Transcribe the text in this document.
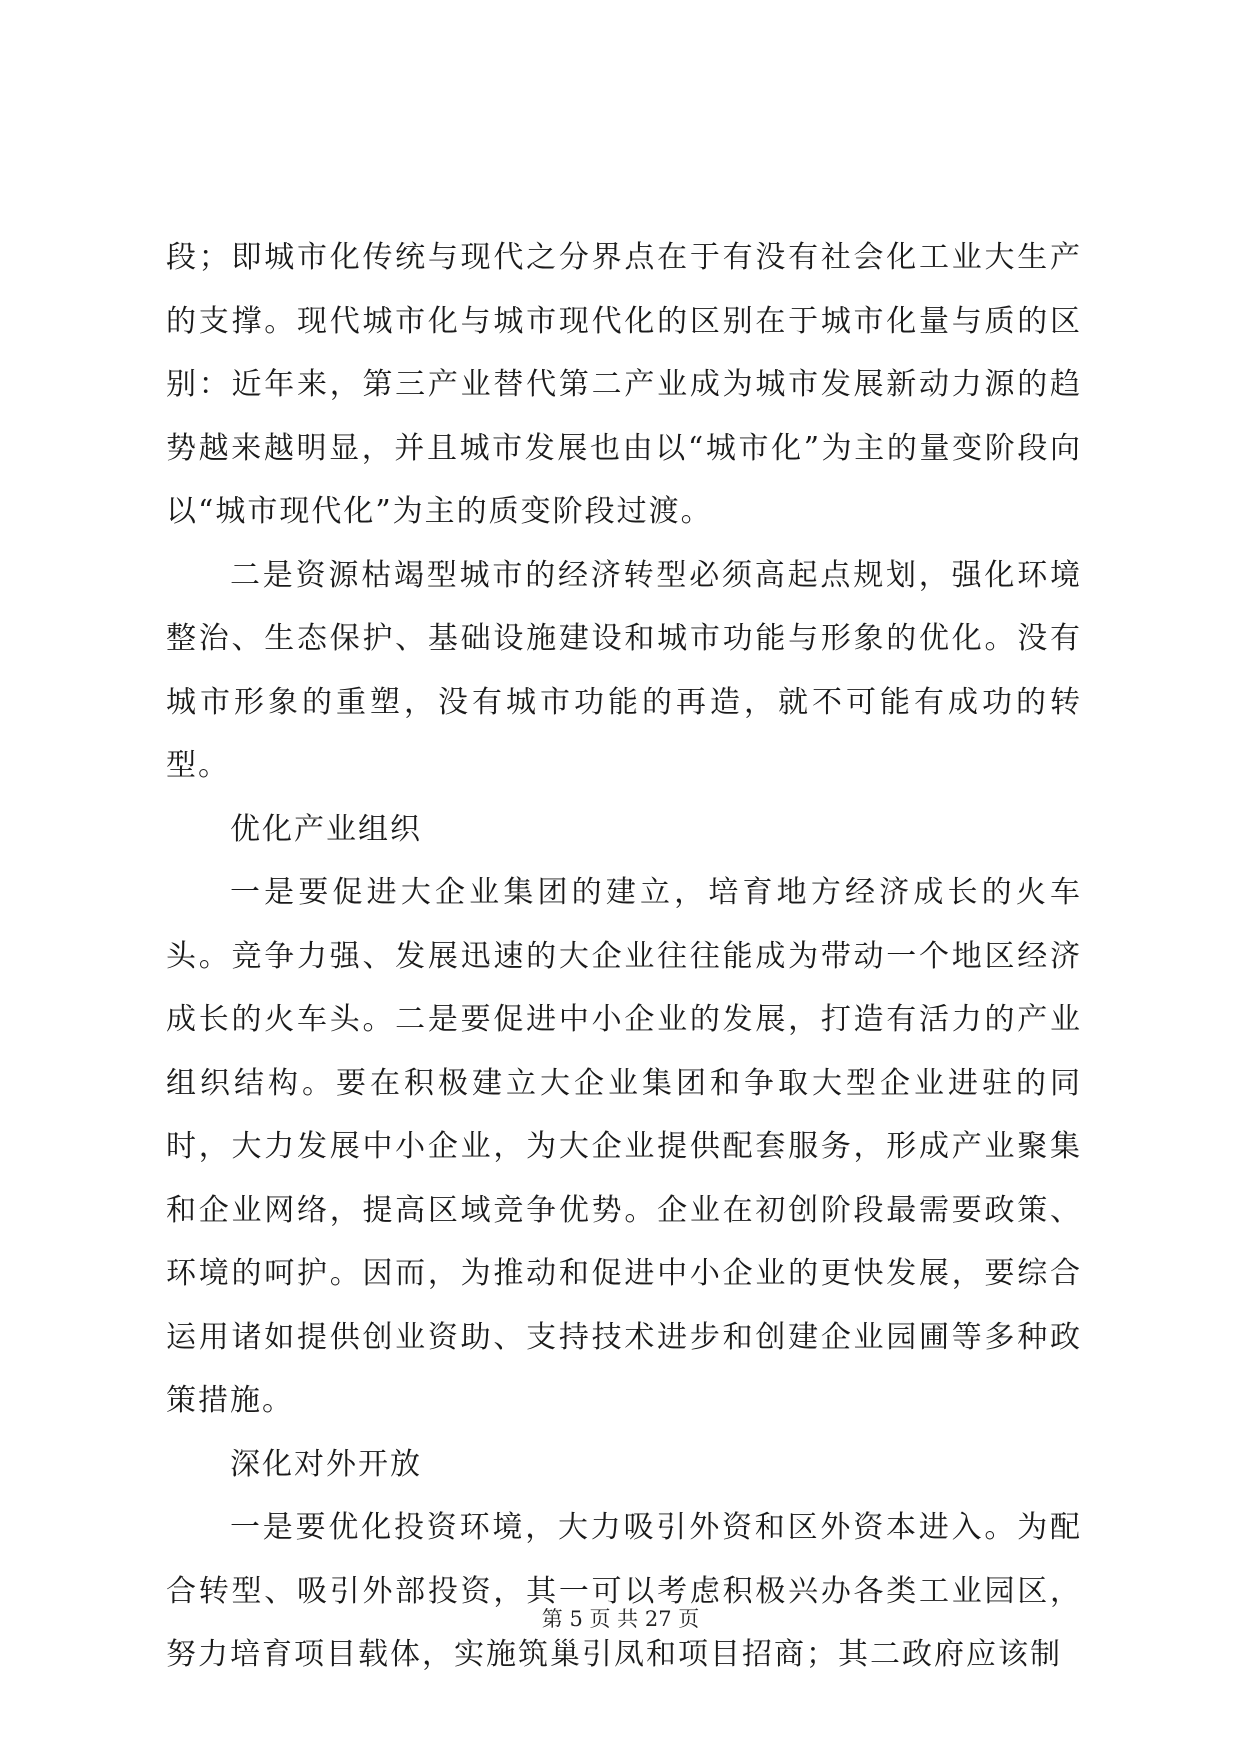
段；即城市化传统与现代之分界点在于有没有社会化工业大生产的支撑。现代城市化与城市现代化的区别在于城市化量与质的区别：近年来，第三产业替代第二产业成为城市发展新动力源的趋势越来越明显，并且城市发展也由以“城市化”为主的量变阶段向以“城市现代化”为主的质变阶段过渡。

二是资源枯竭型城市的经济转型必须高起点规划，强化环境整治、生态保护、基础设施建设和城市功能与形象的优化。没有城市形象的重塑，没有城市功能的再造，就不可能有成功的转型。

优化产业组织

一是要促进大企业集团的建立，培育地方经济成长的火车头。竞争力强、发展迅速的大企业往往能成为带动一个地区经济成长的火车头。二是要促进中小企业的发展，打造有活力的产业组织结构。要在积极建立大企业集团和争取大型企业进驻的同时，大力发展中小企业，为大企业提供配套服务，形成产业聚集和企业网络，提高区域竞争优势。企业在初创阶段最需要政策、环境的呵护。因而，为推动和促进中小企业的更快发展，要综合运用诸如提供创业资助、支持技术进步和创建企业园圃等多种政策措施。

深化对外开放

一是要优化投资环境，大力吸引外资和区外资本进入。为配合转型、吸引外部投资，其一可以考虑积极兴办各类工业园区，努力培育项目载体，实施筑巢引凤和项目招商；其二政府应该制

第 5 页 共 27 页
